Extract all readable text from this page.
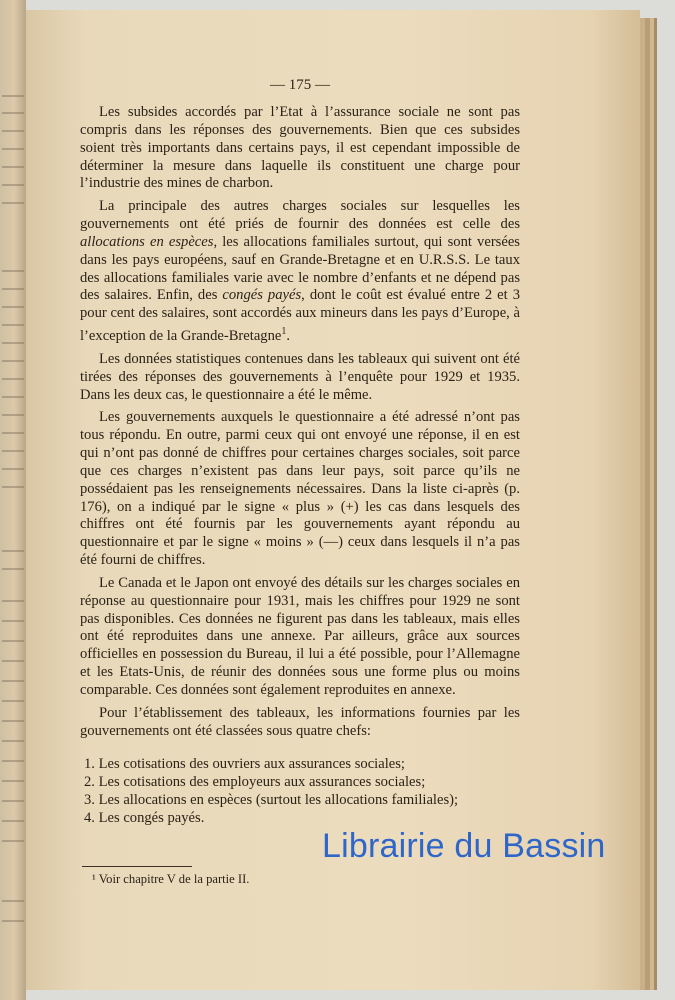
— 175 —

Les subsides accordés par l’Etat à l’assurance sociale ne sont pas compris dans les réponses des gouvernements. Bien que ces subsides soient très importants dans certains pays, il est cependant impossible de déterminer la mesure dans laquelle ils constituent une charge pour l’industrie des mines de charbon.

La principale des autres charges sociales sur lesquelles les gouvernements ont été priés de fournir des données est celle des allocations en espèces, les allocations familiales surtout, qui sont versées dans les pays européens, sauf en Grande-Bretagne et en U.R.S.S. Le taux des allocations familiales varie avec le nombre d’enfants et ne dépend pas des salaires. Enfin, des congés payés, dont le coût est évalué entre 2 et 3 pour cent des salaires, sont accordés aux mineurs dans les pays d’Europe, à l’exception de la Grande-Bretagne$^1$.

Les données statistiques contenues dans les tableaux qui suivent ont été tirées des réponses des gouvernements à l’enquête pour 1929 et 1935. Dans les deux cas, le questionnaire a été le même.

Les gouvernements auxquels le questionnaire a été adressé n’ont pas tous répondu. En outre, parmi ceux qui ont envoyé une réponse, il en est qui n’ont pas donné de chiffres pour certaines charges sociales, soit parce que ces charges n’existent pas dans leur pays, soit parce qu’ils ne possédaient pas les renseignements nécessaires. Dans la liste ci-après (p. 176), on a indiqué par le signe « plus » (+) les cas dans lesquels des chiffres ont été fournis par les gouvernements ayant répondu au questionnaire et par le signe « moins » (—) ceux dans lesquels il n’a pas été fourni de chiffres.

Le Canada et le Japon ont envoyé des détails sur les charges sociales en réponse au questionnaire pour 1931, mais les chiffres pour 1929 ne sont pas disponibles. Ces données ne figurent pas dans les tableaux, mais elles ont été reproduites dans une annexe. Par ailleurs, grâce aux sources officielles en possession du Bureau, il lui a été possible, pour l’Allemagne et les Etats-Unis, de réunir des données sous une forme plus ou moins comparable. Ces données sont également reproduites en annexe.

Pour l’établissement des tableaux, les informations fournies par les gouvernements ont été classées sous quatre chefs:

1. Les cotisations des ouvriers aux assurances sociales;
2. Les cotisations des employeurs aux assurances sociales;
3. Les allocations en espèces (surtout les allocations familiales);
4. Les congés payés.
¹ Voir chapitre V de la partie II.
Librairie du Bassin
